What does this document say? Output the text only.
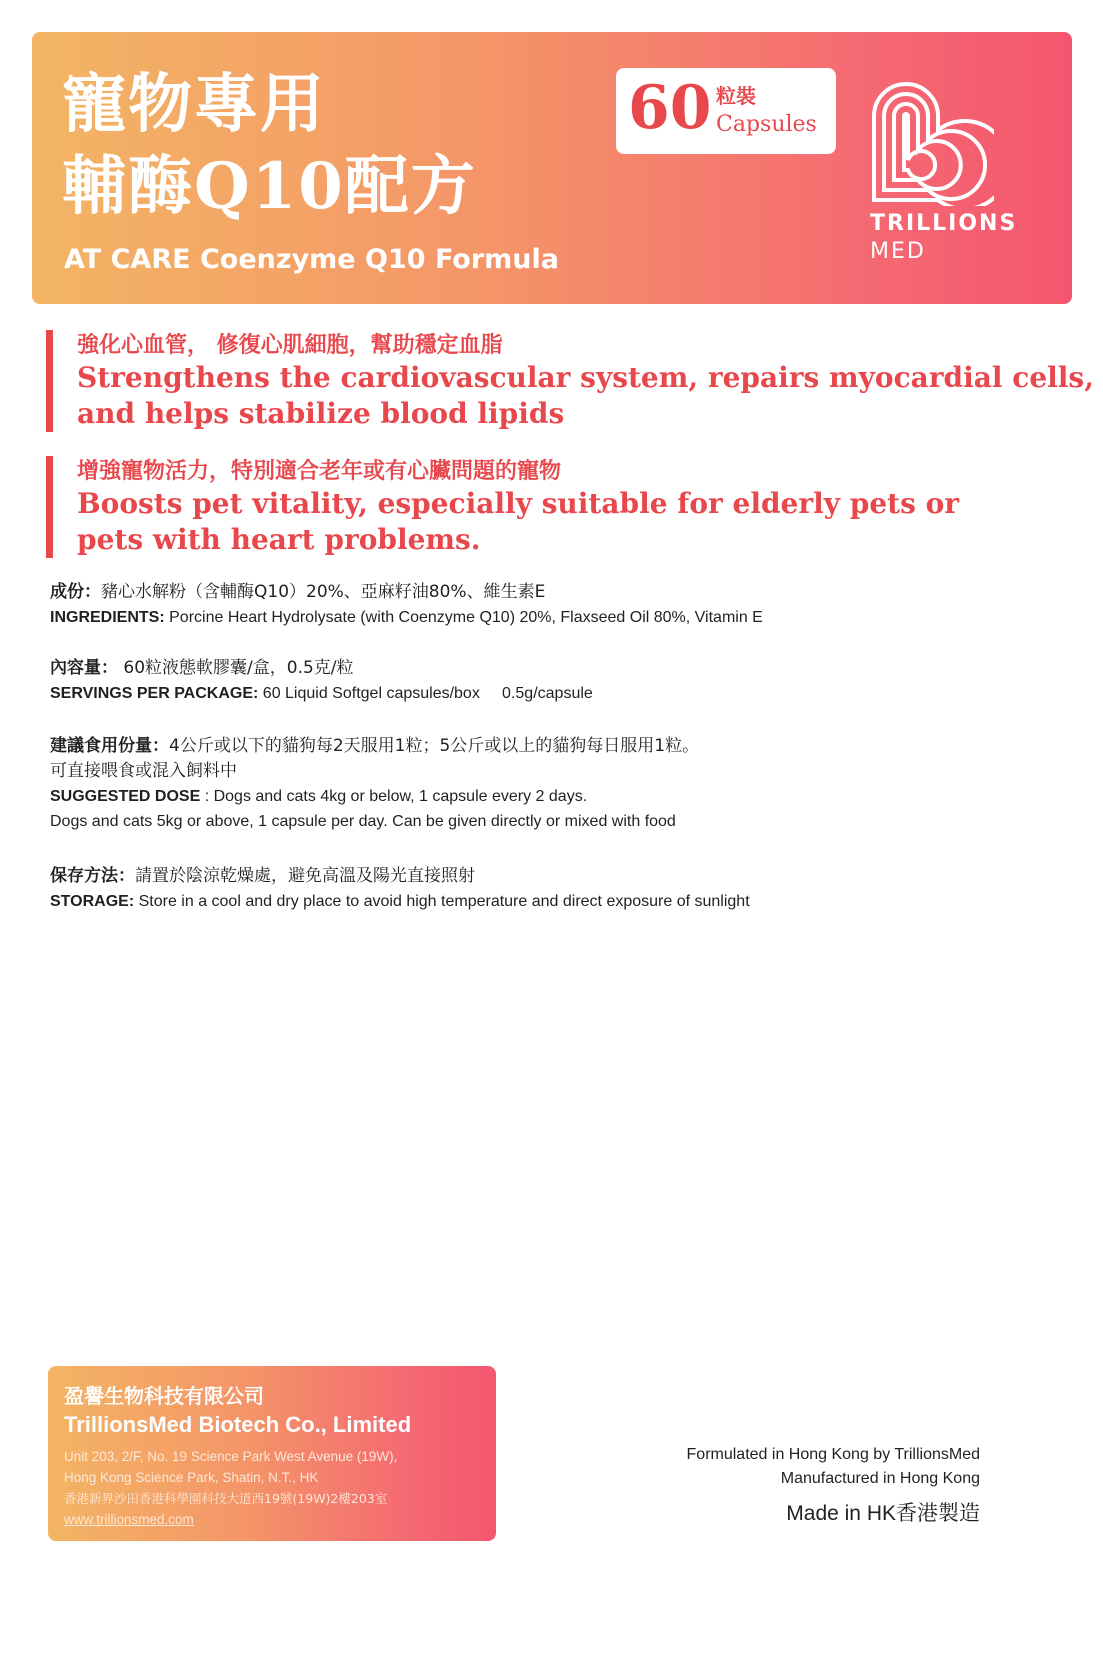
寵物專用
輔酶Q10配方
AT CARE Coenzyme Q10 Formula
60 粒裝
Capsules
TRILLIONS
MED
強化心血管， 修復心肌細胞，幫助穩定血脂
Strengthens the cardiovascular system, repairs myocardial cells,
and helps stabilize blood lipids
增強寵物活力，特別適合老年或有心臟問題的寵物
Boosts pet vitality, especially suitable for elderly pets or
pets with heart problems.
成份：豬心水解粉（含輔酶Q10）20%、亞麻籽油80%、維生素E
INGREDIENTS: Porcine Heart Hydrolysate (with Coenzyme Q10) 20%, Flaxseed Oil 80%, Vitamin E
內容量： 60粒液態軟膠囊/盒，0.5克/粒
SERVINGS PER PACKAGE: 60 Liquid Softgel capsules/box     0.5g/capsule
建議食用份量：4公斤或以下的貓狗每2天服用1粒；5公斤或以上的貓狗每日服用1粒。
可直接喂食或混入飼料中
SUGGESTED DOSE : Dogs and cats 4kg or below, 1 capsule every 2 days.
Dogs and cats 5kg or above, 1 capsule per day. Can be given directly or mixed with food
保存方法：請置於陰涼乾燥處，避免高溫及陽光直接照射
STORAGE: Store in a cool and dry place to avoid high temperature and direct exposure of sunlight
盈譽生物科技有限公司
TrillionsMed Biotech Co., Limited
Unit 203, 2/F, No. 19 Science Park West Avenue (19W),
Hong Kong Science Park, Shatin, N.T., HK
香港新界沙田香港科學園科技大道西19號(19W)2樓203室
www.trillionsmed.com
Formulated in Hong Kong by TrillionsMed
Manufactured in Hong Kong
Made in HK香港製造
